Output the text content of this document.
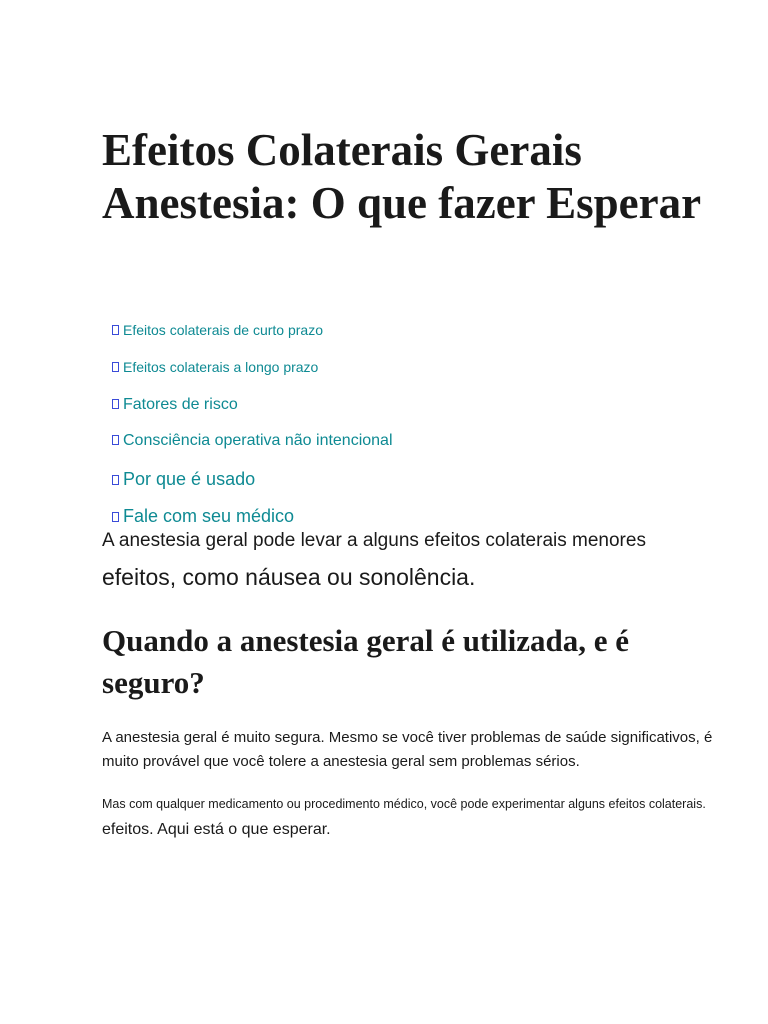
Efeitos Colaterais Gerais Anestesia: O que fazer Esperar
Efeitos colaterais de curto prazo
Efeitos colaterais a longo prazo
Fatores de risco
Consciência operativa não intencional
Por que é usado
Fale com seu médico

A anestesia geral pode levar a alguns efeitos colaterais menores

efeitos, como náusea ou sonolência.

Quando a anestesia geral é utilizada, e é seguro?

A anestesia geral é muito segura. Mesmo se você tiver problemas de saúde significativos, é muito provável que você tolere a anestesia geral sem problemas sérios.

Mas com qualquer medicamento ou procedimento médico, você pode experimentar alguns efeitos colaterais.

efeitos. Aqui está o que esperar.
